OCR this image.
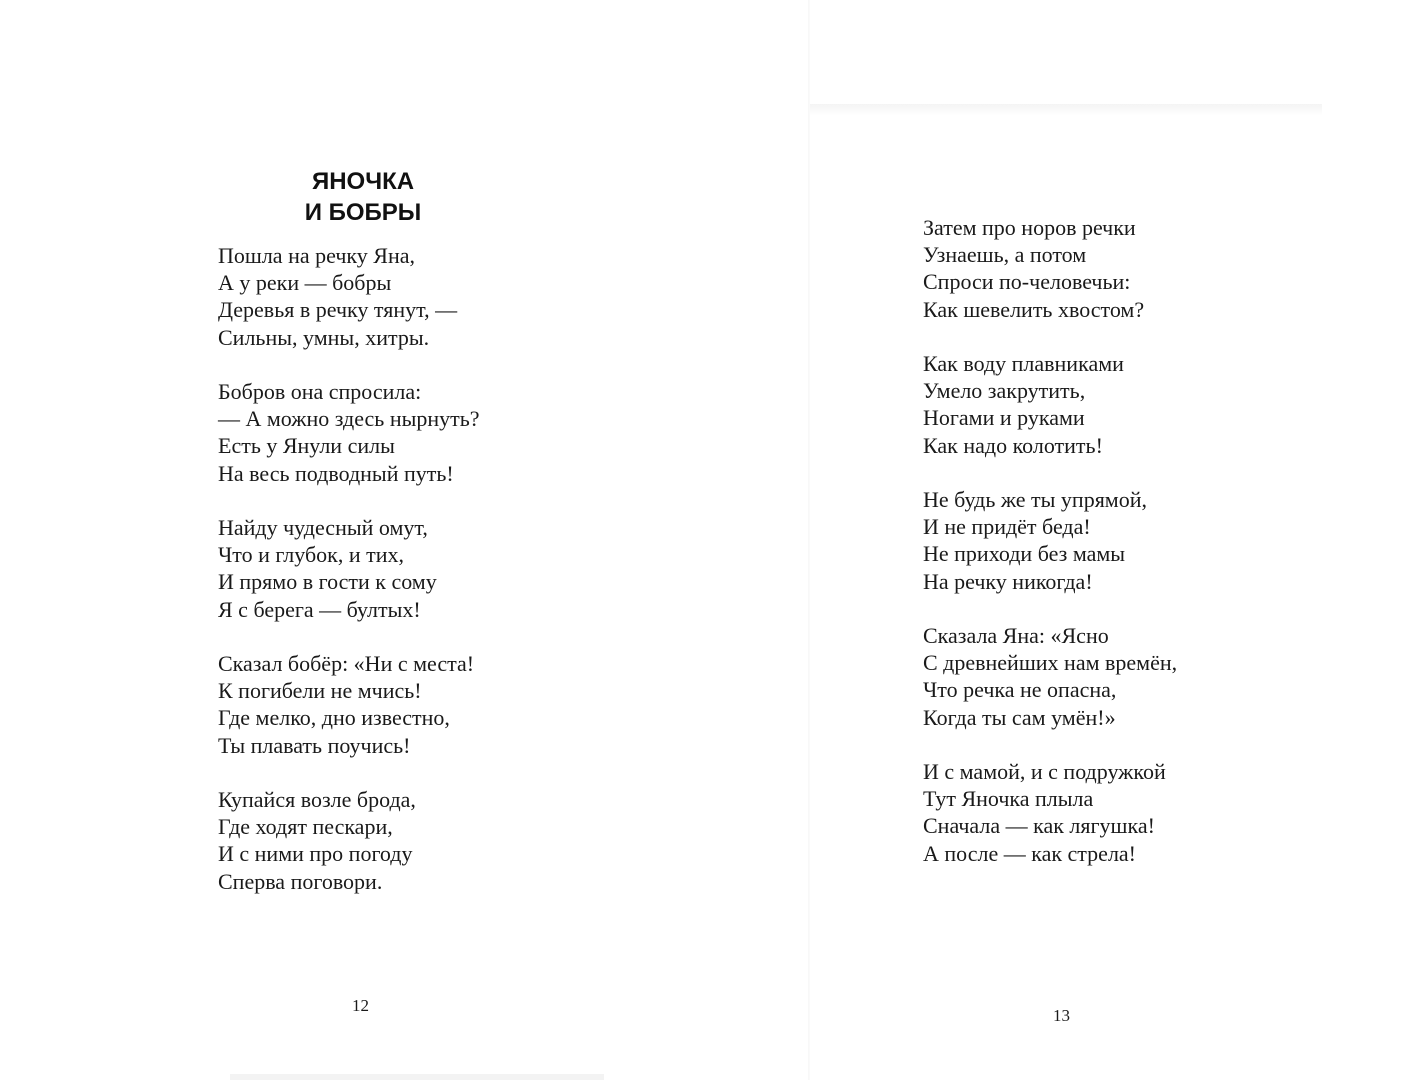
ЯНОЧКА
И БОБРЫ
Пошла на речку Яна,
А у реки — бобры
Деревья в речку тянут, —
Сильны, умны, хитры.
Бобров она спросила:
— А можно здесь нырнуть?
Есть у Янули силы
На весь подводный путь!
Найду чудесный омут,
Что и глубок, и тих,
И прямо в гости к сому
Я с берега — бултых!
Сказал бобёр: «Ни с места!
К погибели не мчись!
Где мелко, дно известно,
Ты плавать поучись!
Купайся возле брода,
Где ходят пескари,
И с ними про погоду
Сперва поговори.
12
Затем про норов речки
Узнаешь, а потом
Спроси по-человечьи:
Как шевелить хвостом?
Как воду плавниками
Умело закрутить,
Ногами и руками
Как надо колотить!
Не будь же ты упрямой,
И не придёт беда!
Не приходи без мамы
На речку никогда!
Сказала Яна: «Ясно
С древнейших нам времён,
Что речка не опасна,
Когда ты сам умён!»
И с мамой, и с подружкой
Тут Яночка плыла
Сначала — как лягушка!
А после — как стрела!
13
